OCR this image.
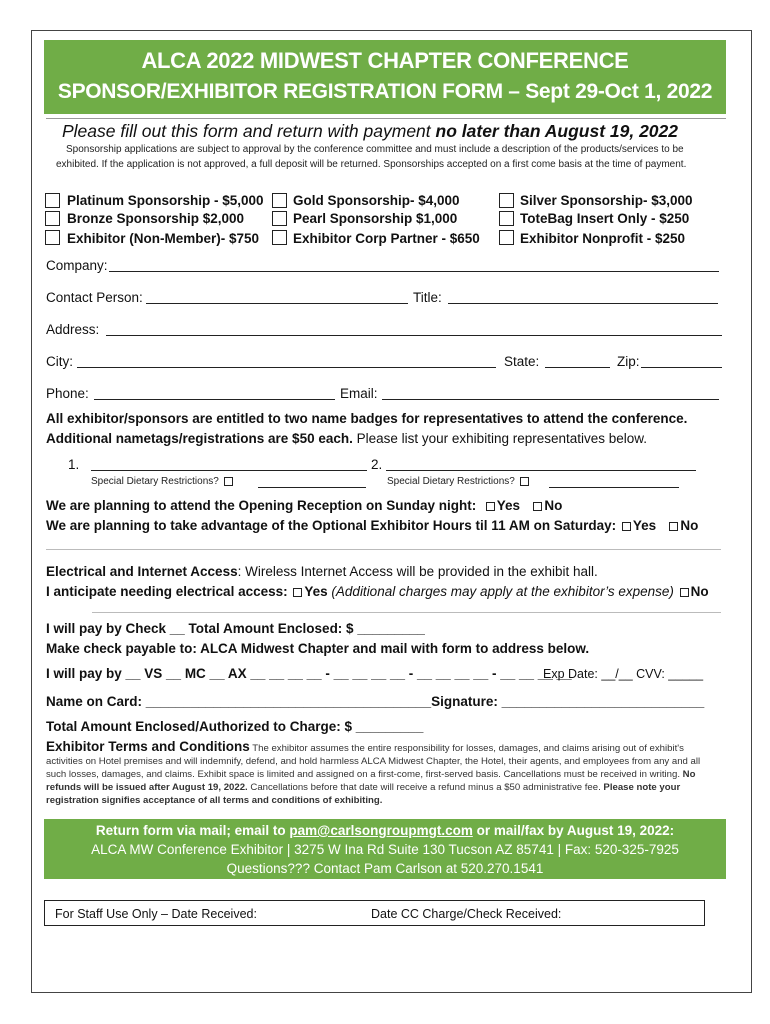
ALCA 2022 MIDWEST CHAPTER CONFERENCE
SPONSOR/EXHIBITOR REGISTRATION FORM – Sept 29-Oct 1, 2022
Please fill out this form and return with payment no later than August 19, 2022
Sponsorship applications are subject to approval by the conference committee and must include a description of the products/services to be
exhibited. If the application is not approved, a full deposit will be returned. Sponsorships accepted on a first come basis at the time of payment.
Platinum Sponsorship - $5,000
Bronze Sponsorship $2,000
Exhibitor (Non-Member)- $750
Gold Sponsorship- $4,000
Pearl Sponsorship $1,000
Exhibitor Corp Partner - $650
Silver Sponsorship- $3,000
ToteBag Insert Only - $250
Exhibitor Nonprofit - $250
Company:
Contact Person:	Title:
Address:
City:	State:	Zip:
Phone:	Email:
All exhibitor/sponsors are entitled to two name badges for representatives to attend the conference.
Additional nametags/registrations are $50 each. Please list your exhibiting representatives below.
1.	2.
Special Dietary Restrictions?	Special Dietary Restrictions?
We are planning to attend the Opening Reception on Sunday night: Yes No
We are planning to take advantage of the Optional Exhibitor Hours til 11 AM on Saturday: Yes No
Electrical and Internet Access: Wireless Internet Access will be provided in the exhibit hall.
I anticipate needing electrical access: Yes (Additional charges may apply at the exhibitor’s expense) No
I will pay by Check __ Total Amount Enclosed: $ _________
Make check payable to: ALCA Midwest Chapter and mail with form to address below.
I will pay by __ VS __ MC __ AX __ __ __ __ - __ __ __ __ - __ __ __ __ - __ __ __ __
Exp Date: __/__ CVV: _____
Name on Card: ______________________________________Signature: ___________________________
Total Amount Enclosed/Authorized to Charge: $ _________
Exhibitor Terms and Conditions The exhibitor assumes the entire responsibility for losses, damages, and claims arising out of exhibit's activities on Hotel premises and will indemnify, defend, and hold harmless ALCA Midwest Chapter, the Hotel, their agents, and employees from any and all such losses, damages, and claims. Exhibit space is limited and assigned on a first-come, first-served basis. Cancellations must be received in writing. No refunds will be issued after August 19, 2022. Cancellations before that date will receive a refund minus a $50 administrative fee. Please note your registration signifies acceptance of all terms and conditions of exhibiting.
Return form via mail; email to pam@carlsongroupmgt.com or mail/fax by August 19, 2022:
ALCA MW Conference Exhibitor | 3275 W Ina Rd Suite 130 Tucson AZ 85741 | Fax: 520-325-7925
Questions??? Contact Pam Carlson at 520.270.1541
For Staff Use Only – Date Received:	Date CC Charge/Check Received:
